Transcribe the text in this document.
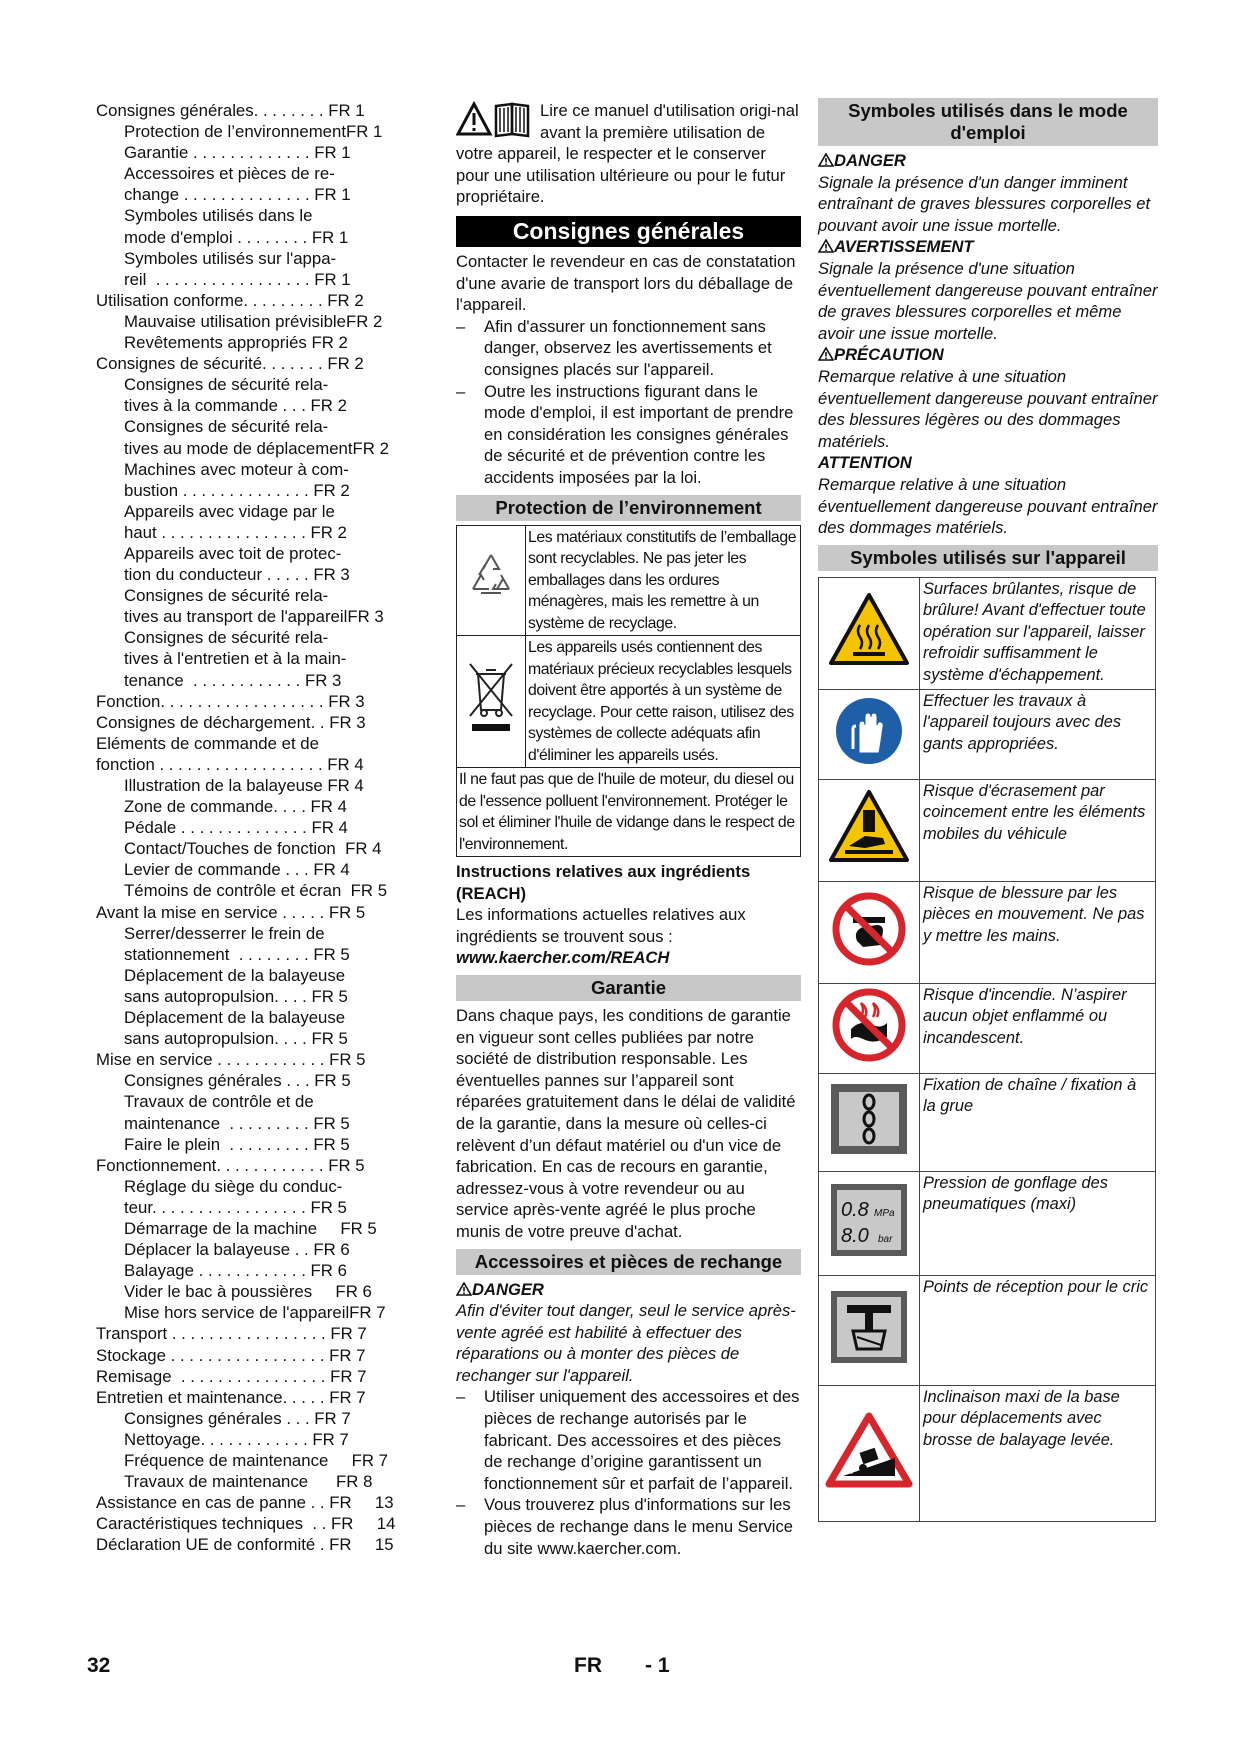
Consignes générales. . . . . . . . FR 1
Protection de l’environnementFR 1
Garantie . . . . . . . . . . . . . FR 1
Accessoires et pièces de re-
change . . . . . . . . . . . . . . FR 1
Symboles utilisés dans le
mode d'emploi . . . . . . . . FR 1
Symboles utilisés sur l'appa-
reil  . . . . . . . . . . . . . . . . . FR 1
Utilisation conforme. . . . . . . . . FR 2
Mauvaise utilisation prévisibleFR 2
Revêtements appropriés FR 2
Consignes de sécurité. . . . . . . FR 2
Consignes de sécurité rela-
tives à la commande . . . FR 2
Consignes de sécurité rela-
tives au mode de déplacementFR 2
Machines avec moteur à com-
bustion . . . . . . . . . . . . . . FR 2
Appareils avec vidage par le
haut . . . . . . . . . . . . . . . . FR 2
Appareils avec toit de protec-
tion du conducteur . . . . . FR 3
Consignes de sécurité rela-
tives au transport de l'appareilFR 3
Consignes de sécurité rela-
tives à l'entretien et à la main-
tenance  . . . . . . . . . . . . FR 3
Fonction. . . . . . . . . . . . . . . . . . FR 3
Consignes de déchargement. . FR 3
Eléments de commande et de
fonction . . . . . . . . . . . . . . . . . . FR 4
Illustration de la balayeuse FR 4
Zone de commande. . . . FR 4
Pédale . . . . . . . . . . . . . . FR 4
Contact/Touches de fonction  FR 4
Levier de commande . . . FR 4
Témoins de contrôle et écran  FR 5
Avant la mise en service . . . . . FR 5
Serrer/desserrer le frein de
stationnement  . . . . . . . . FR 5
Déplacement de la balayeuse
sans autopropulsion. . . . FR 5
Déplacement de la balayeuse
sans autopropulsion. . . . FR 5
Mise en service . . . . . . . . . . . . FR 5
Consignes générales . . . FR 5
Travaux de contrôle et de
maintenance  . . . . . . . . . FR 5
Faire le plein  . . . . . . . . . FR 5
Fonctionnement. . . . . . . . . . . . FR 5
Réglage du siège du conduc-
teur. . . . . . . . . . . . . . . . . FR 5
Démarrage de la machine     FR 5
Déplacer la balayeuse . . FR 6
Balayage . . . . . . . . . . . . FR 6
Vider le bac à poussières     FR 6
Mise hors service de l'appareilFR 7
Transport . . . . . . . . . . . . . . . . . FR 7
Stockage . . . . . . . . . . . . . . . . . FR 7
Remisage  . . . . . . . . . . . . . . . . FR 7
Entretien et maintenance. . . . . FR 7
Consignes générales . . . FR 7
Nettoyage. . . . . . . . . . . . FR 7
Fréquence de maintenance     FR 7
Travaux de maintenance      FR 8
Assistance en cas de panne . . FR     13
Caractéristiques techniques  . . FR     14
Déclaration UE de conformité . FR     15

Lire ce manuel d'utilisation origi-nal avant la première utilisation de votre appareil, le respecter et le conserver pour une utilisation ultérieure ou pour le futur propriétaire.

Consignes générales

Contacter le revendeur en cas de constatation d'une avarie de transport lors du déballage de l'appareil.

– Afin d'assurer un fonctionnement sans danger, observez les avertissements et consignes placés sur l'appareil.

– Outre les instructions figurant dans le mode d'emploi, il est important de prendre en considération les consignes générales de sécurité et de prévention contre les accidents imposées par la loi.

Protection de l’environnement
	Les matériaux constitutifs de l’emballage sont recyclables. Ne pas jeter les emballages dans les ordures ménagères, mais les remettre à un système de recyclage.
	Les appareils usés contiennent des matériaux précieux recyclables lesquels doivent être apportés à un système de recyclage. Pour cette raison, utilisez des systèmes de collecte adéquats afin d'éliminer les appareils usés.
Il ne faut pas que de l'huile de moteur, du diesel ou de l'essence polluent l'environnement. Protéger le sol et éliminer l'huile de vidange dans le respect de l'environnement.	

Instructions relatives aux ingrédients (REACH)

Les informations actuelles relatives aux ingrédients se trouvent sous :

www.kaercher.com/REACH

Garantie

Dans chaque pays, les conditions de garantie en vigueur sont celles publiées par notre société de distribution responsable. Les éventuelles pannes sur l’appareil sont réparées gratuitement dans le délai de validité de la garantie, dans la mesure où celles-ci relèvent d’un défaut matériel ou d'un vice de fabrication. En cas de recours en garantie, adressez-vous à votre revendeur ou au service après-vente agréé le plus proche munis de votre preuve d'achat.

Accessoires et pièces de rechange

DANGER

Afin d'éviter tout danger, seul le service après-vente agréé est habilité à effectuer des réparations ou à monter des pièces de rechanger sur l'appareil.

– Utiliser uniquement des accessoires et des pièces de rechange autorisés par le fabricant. Des accessoires et des pièces de rechange d’origine garantissent un fonctionnement sûr et parfait de l’appareil.

– Vous trouverez plus d'informations sur les pièces de rechange dans le menu Service du site www.kaercher.com.

Symboles utilisés dans le mode d'emploi

DANGER

Signale la présence d'un danger imminent entraînant de graves blessures corporelles et pouvant avoir une issue mortelle.

AVERTISSEMENT

Signale la présence d'une situation éventuellement dangereuse pouvant entraîner de graves blessures corporelles et même avoir une issue mortelle.

PRÉCAUTION

Remarque relative à une situation éventuellement dangereuse pouvant entraîner des blessures légères ou des dommages matériels.

ATTENTION

Remarque relative à une situation éventuellement dangereuse pouvant entraîner des dommages matériels.

Symboles utilisés sur l'appareil
	Surfaces brûlantes, risque de brûlure! Avant d'effectuer toute opération sur l'appareil, laisser refroidir suffisamment le système d'échappement.
	Effectuer les travaux à l'appareil toujours avec des gants appropriées.
	Risque d'écrasement par coincement entre les éléments mobiles du véhicule
	Risque de blessure par les pièces en mouvement. Ne pas y mettre les mains.
	Risque d'incendie. N’aspirer aucun objet enflammé ou incandescent.
	Fixation de chaîne / fixation à la grue

0.8 MPa
8.0 bar	Pression de gonflage des pneumatiques (maxi)
	Points de réception pour le cric

9%	Inclinaison maxi de la base pour déplacements avec brosse de balayage levée.
32	FR - 1
